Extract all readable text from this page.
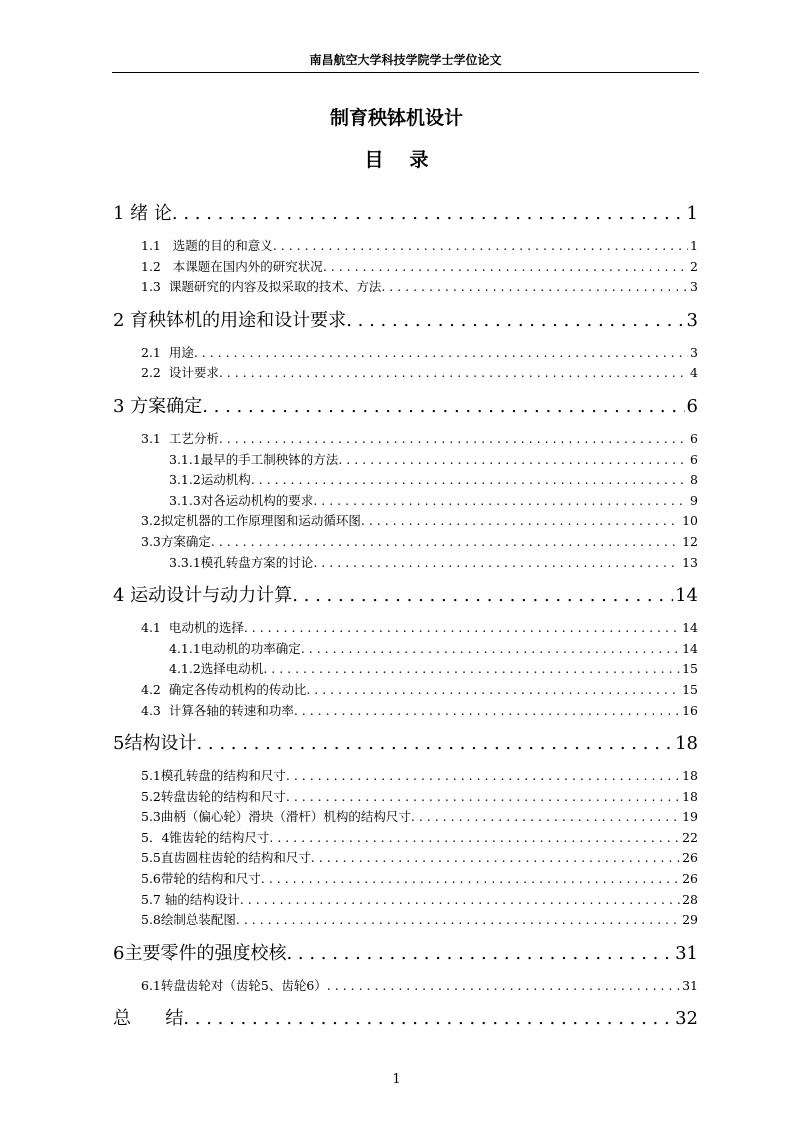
南昌航空大学科技学院学士学位论文
制育秧钵机设计
目录
1 绪 论 . . .	1
1.1   选题的目的和意义 . . .	1
1.2   本课题在国内外的研究状况 . . .	2
1.3  课题研究的内容及拟采取的技术、方法 . . .	3
2 育秧钵机的用途和设计要求 . . .	3
2.1  用途 . . .	3
2.2  设计要求 . . .	4
3 方案确定 . . .	6
3.1  工艺分析 . . .	6
3.1.1最早的手工制秧钵的方法 . . .	6
3.1.2运动机构 . . .	8
3.1.3对各运动机构的要求 . . .	9
3.2拟定机器的工作原理图和运动循环图 . . .	10
3.3方案确定 . . .	12
3.3.1模孔转盘方案的讨论 . . .	13
4 运动设计与动力计算 . . .	14
4.1  电动机的选择 . . .	14
4.1.1电动机的功率确定 . . .	14
4.1.2选择电动机 . . .	15
4.2  确定各传动机构的传动比 . . .	15
4.3  计算各轴的转速和功率 . . .	16
5结构设计 . . .	18
5.1模孔转盘的结构和尺寸 . . .	18
5.2转盘齿轮的结构和尺寸 . . .	18
5.3曲柄（偏心轮）滑块（滑杆）机构的结构尺寸 . . .	19
5．4锥齿轮的结构尺寸 . . .	22
5.5直齿圆柱齿轮的结构和尺寸 . . .	26
5.6带轮的结构和尺寸 . . .	26
5.7 轴的结构设计 . . .	28
5.8绘制总装配图 . . .	29
6主要零件的强度校核 . . .	31
6.1转盘齿轮对（齿轮5、齿轮6） . . .	31
总      结 . . .	32
1
